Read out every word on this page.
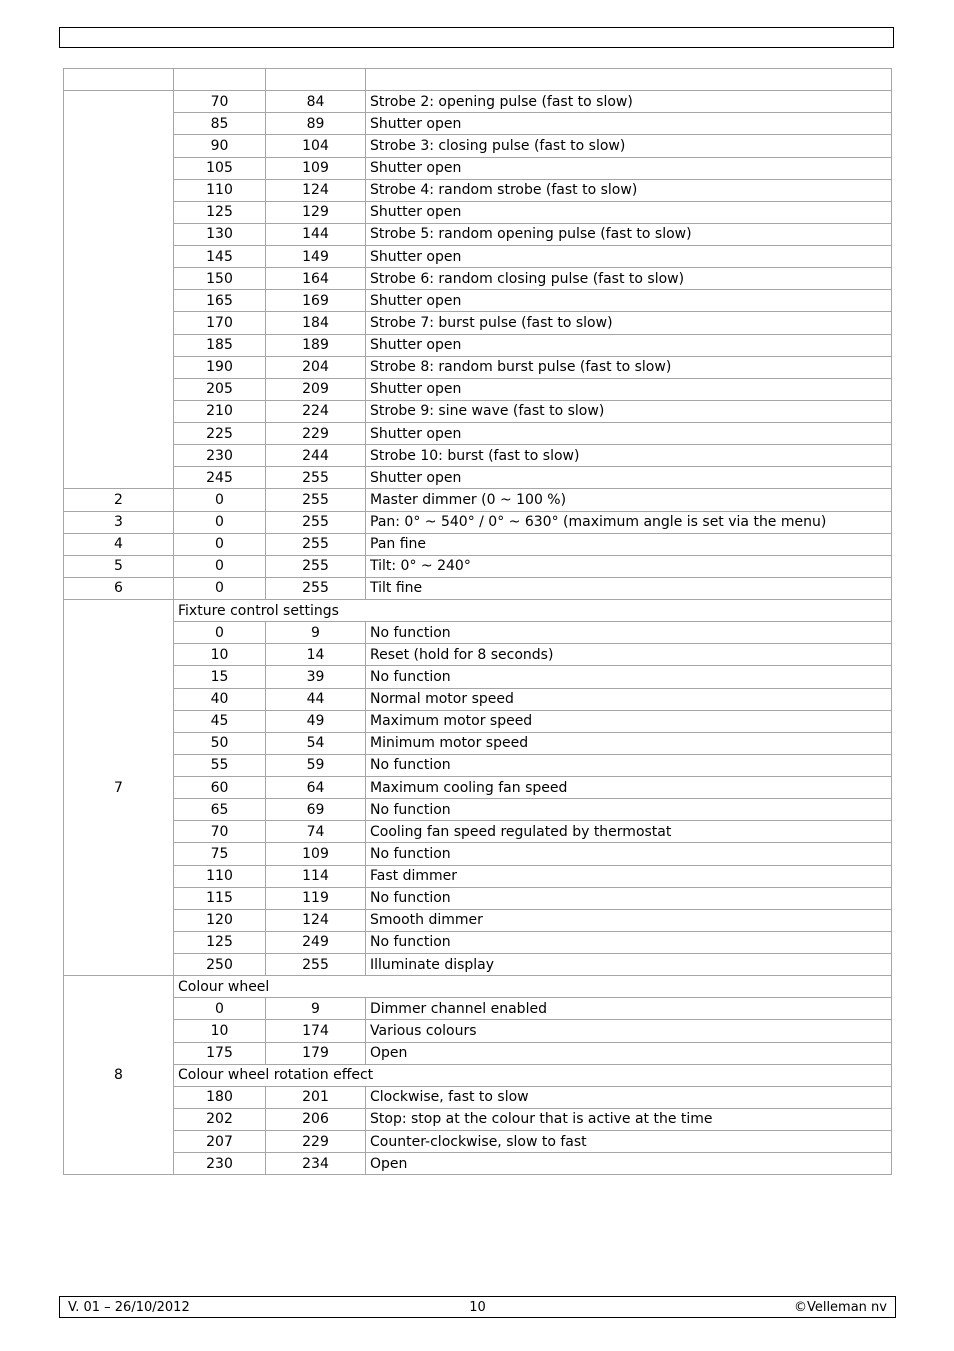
	70	84	Strobe 2: opening pulse (fast to slow)
	85	89	Shutter open
	90	104	Strobe 3: closing pulse (fast to slow)
	105	109	Shutter open
	110	124	Strobe 4: random strobe (fast to slow)
	125	129	Shutter open
	130	144	Strobe 5: random opening pulse (fast to slow)
	145	149	Shutter open
	150	164	Strobe 6: random closing pulse (fast to slow)
	165	169	Shutter open
	170	184	Strobe 7: burst pulse (fast to slow)
	185	189	Shutter open
	190	204	Strobe 8: random burst pulse (fast to slow)
	205	209	Shutter open
	210	224	Strobe 9: sine wave (fast to slow)
	225	229	Shutter open
	230	244	Strobe 10: burst (fast to slow)
	245	255	Shutter open
2	0	255	Master dimmer (0 ~ 100 %)
3	0	255	Pan: 0° ~ 540° / 0° ~ 630° (maximum angle is set via the menu)
4	0	255	Pan fine
5	0	255	Tilt: 0° ~ 240°
6	0	255	Tilt fine
7	Fixture control settings		
	0	9	No function
	10	14	Reset (hold for 8 seconds)
	15	39	No function
	40	44	Normal motor speed
	45	49	Maximum motor speed
	50	54	Minimum motor speed
	55	59	No function
	60	64	Maximum cooling fan speed
	65	69	No function
	70	74	Cooling fan speed regulated by thermostat
	75	109	No function
	110	114	Fast dimmer
	115	119	No function
	120	124	Smooth dimmer
	125	249	No function
	250	255	Illuminate display
8	Colour wheel		
	0	9	Dimmer channel enabled
	10	174	Various colours
	175	179	Open
	Colour wheel rotation effect		
	180	201	Clockwise, fast to slow
	202	206	Stop: stop at the colour that is active at the time
	207	229	Counter-clockwise, slow to fast
	230	234	Open
V. 01 – 26/10/2012	10	©Velleman nv
